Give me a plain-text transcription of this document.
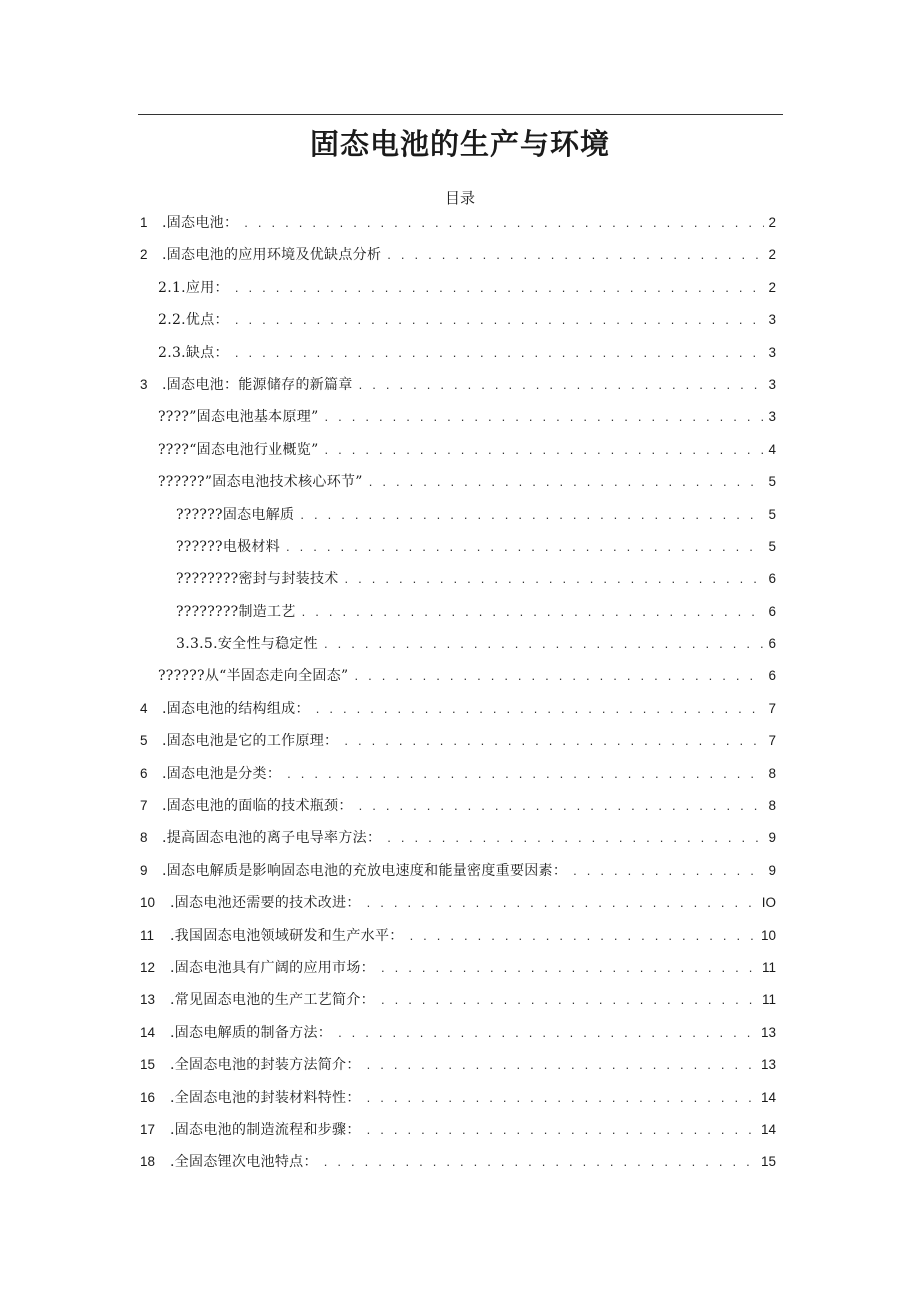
固态电池的生产与环境
目录
1	.固态电池： . . .	2
2	.固态电池的应用环境及优缺点分析 . . .	2
2.1.应用： . . .	2
2.2.优点： . . .	3
2.3.缺点： . . .	3
3	.固态电池：能源储存的新篇章 . . .	3
????”固态电池基本原理” . . .	3
????“固态电池行业概览” . . .	4
??????”固态电池技术核心环节” . . .	5
??????固态电解质 . . .	5
??????电极材料 . . .	5
????????密封与封装技术 . . .	6
????????制造工艺 . . .	6
3.3.5.安全性与稳定性 . . .	6
??????从“半固态走向全固态” . . .	6
4	.固态电池的结构组成： . . .	7
5	.固态电池是它的工作原理： . . .	7
6	.固态电池是分类： . . .	8
7	.固态电池的面临的技术瓶颈： . . .	8
8	.提高固态电池的离子电导率方法： . . .	9
9	.固态电解质是影响固态电池的充放电速度和能量密度重要因素： . . .	9
10	.固态电池还需要的技术改进： . . .	IO
11	.我国固态电池领域研发和生产水平： . . .	10
12	.固态电池具有广阔的应用市场： . . .	11
13	.常见固态电池的生产工艺简介： . . .	11
14	.固态电解质的制备方法： . . .	13
15	.全固态电池的封装方法简介： . . .	13
16	.全固态电池的封装材料特性： . . .	14
17	.固态电池的制造流程和步骤： . . .	14
18	.全固态锂次电池特点： . . .	15
